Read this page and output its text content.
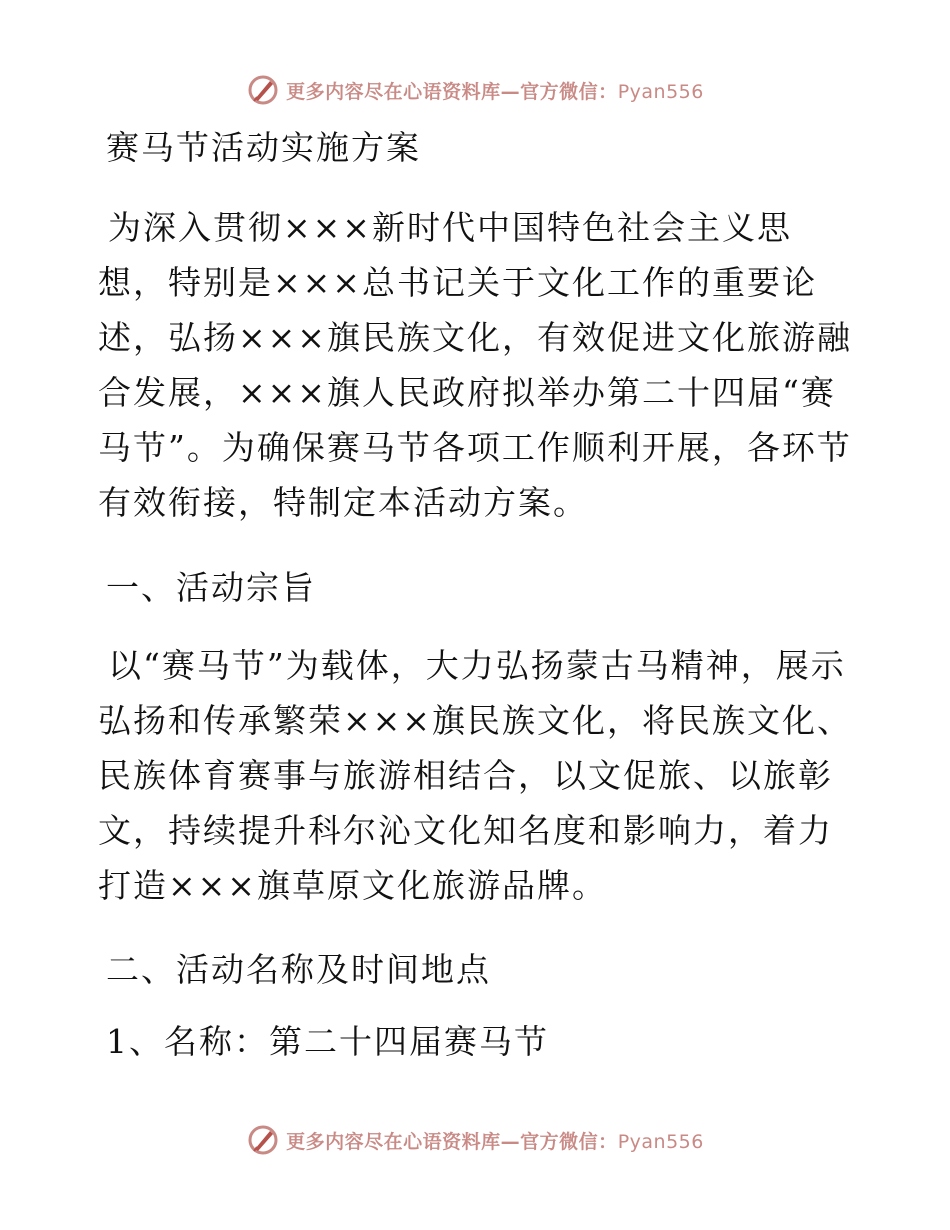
更多内容尽在心语资料库—官方微信：Pyan556

赛马节活动实施方案

为深入贯彻×××新时代中国特色社会主义思想，特别是×××总书记关于文化工作的重要论述，弘扬×××旗民族文化，有效促进文化旅游融合发展，×××旗人民政府拟举办第二十四届“赛马节”。为确保赛马节各项工作顺利开展，各环节有效衔接，特制定本活动方案。

一、活动宗旨

以“赛马节”为载体，大力弘扬蒙古马精神，展示弘扬和传承繁荣×××旗民族文化，将民族文化、民族体育赛事与旅游相结合，以文促旅、以旅彰文，持续提升科尔沁文化知名度和影响力，着力打造×××旗草原文化旅游品牌。

二、活动名称及时间地点

1、名称：第二十四届赛马节

更多内容尽在心语资料库—官方微信：Pyan556
